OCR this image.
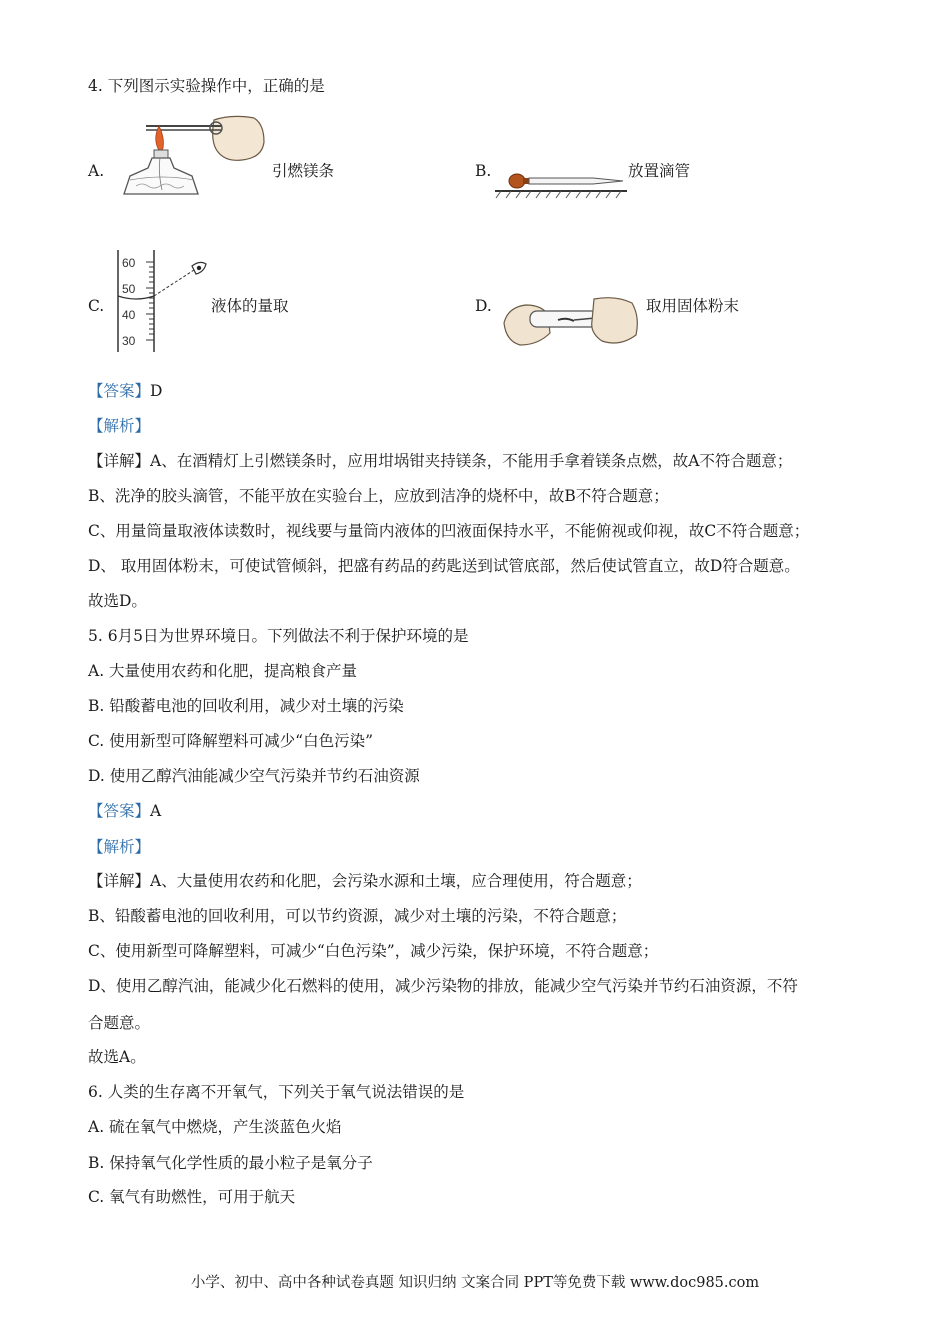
4. 下列图示实验操作中，正确的是
A.	引燃镁条	B.	放置滴管
C.
60
50
40
30
液体的量取	D.	取用固体粉末
【答案】D
【解析】
【详解】A、在酒精灯上引燃镁条时，应用坩埚钳夹持镁条，不能用手拿着镁条点燃，故A不符合题意；
B、洗净的胶头滴管，不能平放在实验台上，应放到洁净的烧杯中，故B不符合题意；
C、用量筒量取液体读数时，视线要与量筒内液体的凹液面保持水平，不能俯视或仰视，故C不符合题意；
D、 取用固体粉末，可使试管倾斜，把盛有药品的药匙送到试管底部，然后使试管直立，故D符合题意。
故选D。
5. 6月5日为世界环境日。下列做法不利于保护环境的是
A. 大量使用农药和化肥，提高粮食产量
B. 铅酸蓄电池的回收利用，减少对土壤的污染
C. 使用新型可降解塑料可减少“白色污染”
D. 使用乙醇汽油能减少空气污染并节约石油资源
【答案】A
【解析】
【详解】A、大量使用农药和化肥，会污染水源和土壤，应合理使用，符合题意；
B、铅酸蓄电池的回收利用，可以节约资源，减少对土壤的污染，不符合题意；
C、使用新型可降解塑料，可减少“白色污染”，减少污染，保护环境，不符合题意；
D、使用乙醇汽油，能减少化石燃料的使用，减少污染物的排放，能减少空气污染并节约石油资源，不符
合题意。
故选A。
6. 人类的生存离不开氧气，下列关于氧气说法错误的是
A. 硫在氧气中燃烧，产生淡蓝色火焰
B. 保持氧气化学性质的最小粒子是氧分子
C. 氧气有助燃性，可用于航天
小学、初中、高中各种试卷真题 知识归纳 文案合同 PPT等免费下载 www.doc985.com
